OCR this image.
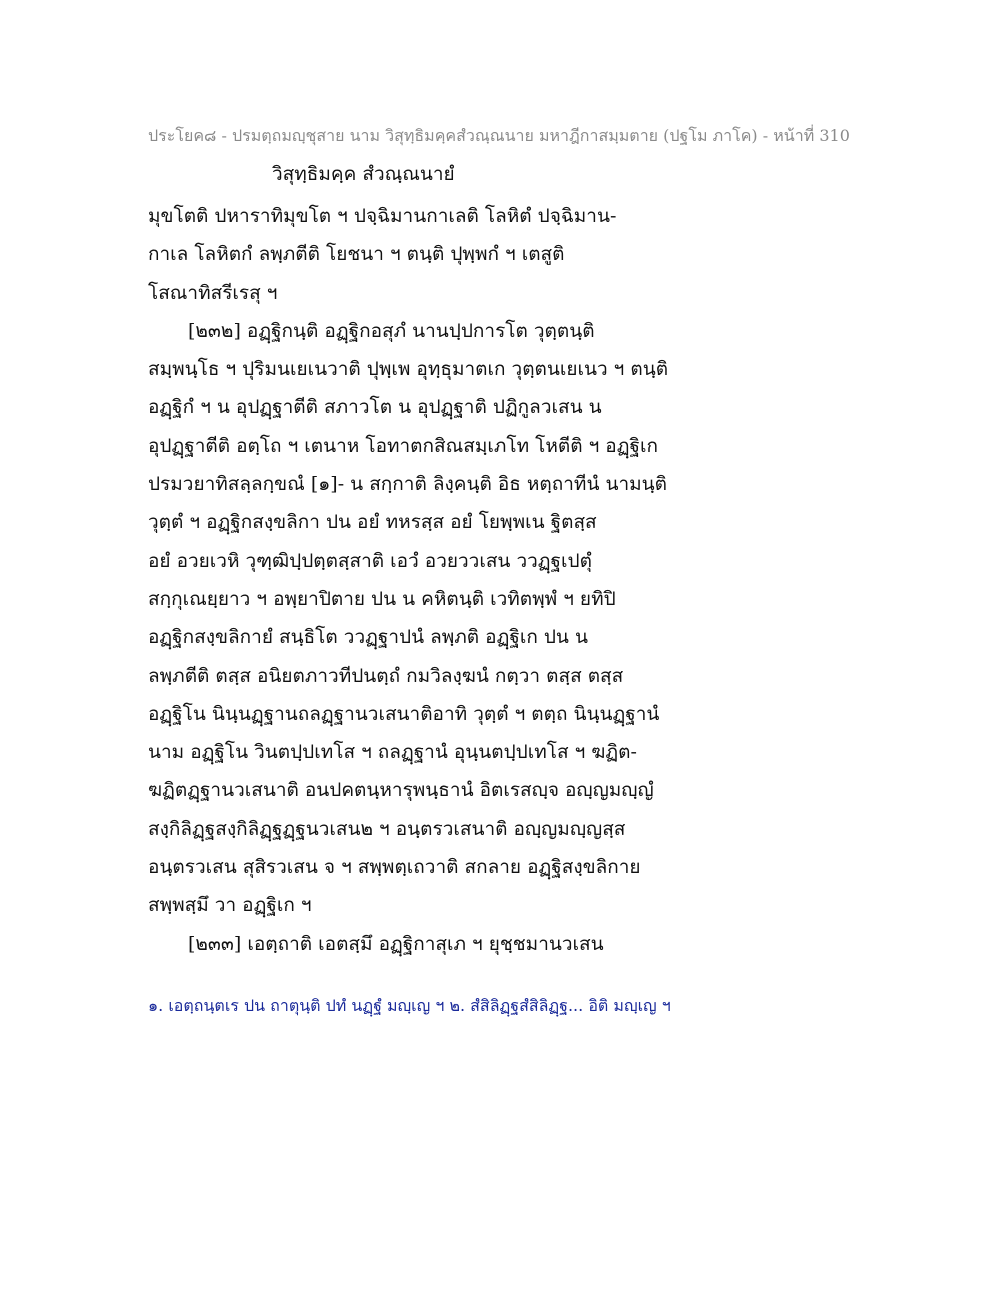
ประโยค๘ - ปรมตฺถมญฺชุสาย นาม วิสุทฺธิมคฺคสํวณฺณนาย มหาฎีกาสมฺมตาย (ปฐโม ภาโค) - หน้าที่ 310
วิสุทฺธิมคฺค สํวณฺณนายํ
มุขโตติ ปหาราทิมุขโต ฯ ปจฺฉิมานกาเลติ โลหิตํ ปจฺฉิมาน-
กาเล โลหิตกํ ลพฺภตีติ โยชนา ฯ ตนฺติ ปุพฺพกํ ฯ เตสูติ
โสณาทิสรีเรสุ ฯ
[๒๓๒] อฏฺฐิกนฺติ อฏฺฐิกอสุภํ นานปฺปการโต วุตฺตนฺติ
สมฺพนฺโธ ฯ ปุริมนเยเนวาติ ปุพฺเพ อุทฺธุมาตเก วุตฺตนเยเนว ฯ ตนฺติ
อฏฺฐิกํ ฯ น อุปฏฺฐาตีติ สภาวโต น อุปฏฺฐาติ ปฏิกูลวเสน น
อุปฏฺฐาตีติ อตฺโถ ฯ เตนาห โอทาตกสิณสมฺเภโท โหตีติ ฯ อฏฺฐิเก
ปรมวยาทิสลฺลกฺขณํ [๑]- น สกฺกาติ ลิงฺคนฺติ อิธ หตฺถาทีนํ นามนฺติ
วุตฺตํ ฯ อฏฺฐิกสงฺขลิกา ปน อยํ ทหรสฺส อยํ โยพฺพเน ฐิตสฺส
อยํ อวยเวหิ วุฑฺฒิปฺปตฺตสฺสาติ เอวํ อวยววเสน ววฏฺฐเปตุํ
สกฺกุเณยฺยาว ฯ อพฺยาปิตาย ปน น คหิตนฺติ เวทิตพฺพํ ฯ ยทิปิ
อฏฺฐิกสงฺขลิกายํ สนฺธิโต ววฏฺฐาปนํ ลพฺภติ อฏฺฐิเก ปน น
ลพฺภตีติ ตสฺส อนิยตภาวทีปนตฺถํ กมวิลงฺฆนํ กตฺวา ตสฺส ตสฺส
อฏฺฐิโน นินฺนฏฺฐานถลฏฺฐานวเสนาติอาทิ วุตฺตํ ฯ ตตฺถ นินฺนฏฺฐานํ
นาม อฏฺฐิโน วินตปฺปเทโส ฯ ถลฏฺฐานํ อุนฺนตปฺปเทโส ฯ ฆฏิต-
ฆฏิตฏฺฐานวเสนาติ อนปคตนฺหารุพนฺธานํ อิตเรสญฺจ อญฺญมญฺญํ
สงฺกิลิฏฺฐสงฺกิลิฏฺฐฏฺฐนวเสน๒ ฯ อนฺตรวเสนาติ อญฺญมญฺญสฺส
อนฺตรวเสน สุสิรวเสน จ ฯ สพฺพตฺเถวาติ สกลาย อฏฺฐิสงฺขลิกาย
สพฺพสฺมึ วา อฏฺฐิเก ฯ
[๒๓๓] เอตฺถาติ เอตสฺมึ อฏฺฐิกาสุเภ ฯ ยุชฺชมานวเสน
๑. เอตฺถนฺตเร ปน ถาตุนฺติ ปทํ นฏฺฐํ มญฺเญ ฯ ๒. สํสิลิฏฺฐสํสิลิฏฺฐ... อิติ มญฺเญ ฯ
